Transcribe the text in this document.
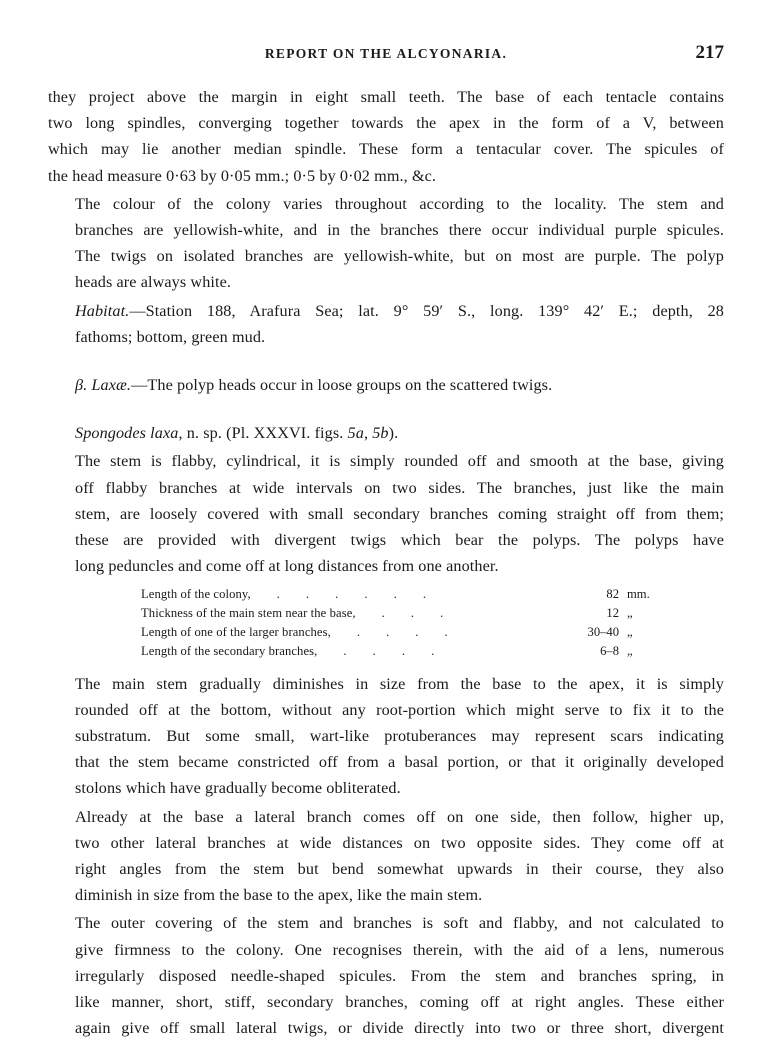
REPORT ON THE ALCYONARIA.	217

they project above the margin in eight small teeth. The base of each tentacle contains
two long spindles, converging together towards the apex in the form of a V, between
which may lie another median spindle. These form a tentacular cover. The spicules of
the head measure 0·63 by 0·05 mm.; 0·5 by 0·02 mm., &c.

The colour of the colony varies throughout according to the locality. The stem and
branches are yellowish-white, and in the branches there occur individual purple spicules.
The twigs on isolated branches are yellowish-white, but on most are purple. The polyp
heads are always white.

Habitat.—Station 188, Arafura Sea; lat. 9° 59′ S., long. 139° 42′ E.; depth, 28
fathoms; bottom, green mud.

β. Laxæ.—The polyp heads occur in loose groups on the scattered twigs.

Spongodes laxa, n. sp. (Pl. XXXVI. figs. 5a, 5b).

The stem is flabby, cylindrical, it is simply rounded off and smooth at the base, giving
off flabby branches at wide intervals on two sides. The branches, just like the main
stem, are loosely covered with small secondary branches coming straight off from them;
these are provided with divergent twigs which bear the polyps. The polyps have
long peduncles and come off at long distances from one another.

Length of the colony,        .        .        .        .        .        .	82	mm.
Thickness of the main stem near the base,        .        .        .	12	„
Length of one of the larger branches,        .        .        .        .	30–40	„
Length of the secondary branches,        .        .        .        .	6–8	„

The main stem gradually diminishes in size from the base to the apex, it is simply
rounded off at the bottom, without any root-portion which might serve to fix it to the
substratum. But some small, wart-like protuberances may represent scars indicating
that the stem became constricted off from a basal portion, or that it originally developed
stolons which have gradually become obliterated.

Already at the base a lateral branch comes off on one side, then follow, higher up,
two other lateral branches at wide distances on two opposite sides. They come off at
right angles from the stem but bend somewhat upwards in their course, they also
diminish in size from the base to the apex, like the main stem.

The outer covering of the stem and branches is soft and flabby, and not calculated to
give firmness to the colony. One recognises therein, with the aid of a lens, numerous
irregularly disposed needle-shaped spicules. From the stem and branches spring, in
like manner, short, stiff, secondary branches, coming off at right angles. These either
again give off small lateral twigs, or divide directly into two or three short, divergent
